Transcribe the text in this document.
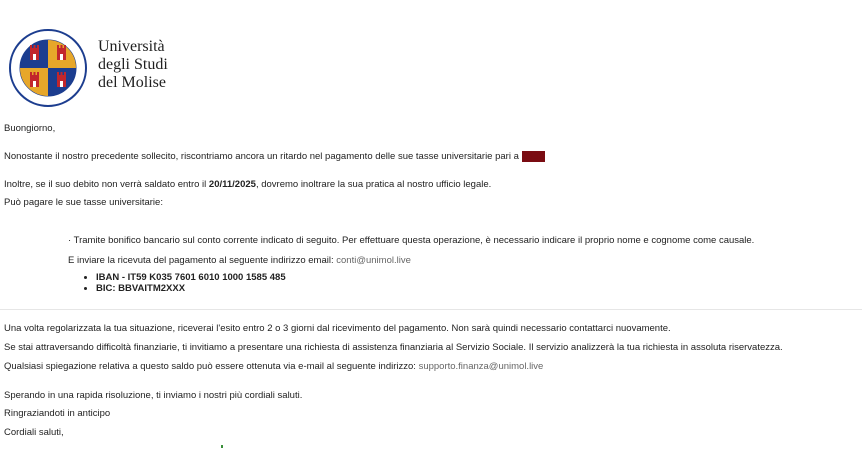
Università
degli Studi
del Molise
Buongiorno,
Nonostante il nostro precedente sollecito, riscontriamo ancora un ritardo nel pagamento delle sue tasse universitarie pari a €650
Inoltre, se il suo debito non verrà saldato entro il 20/11/2025, dovremo inoltrare la sua pratica al nostro ufficio legale.
Può pagare le sue tasse universitarie:
· Tramite bonifico bancario sul conto corrente indicato di seguito. Per effettuare questa operazione, è necessario indicare il proprio nome e cognome come causale.
E inviare la ricevuta del pagamento al seguente indirizzo email: conti@unimol.live
• IBAN - IT59 K035 7601 6010 1000 1585 485
• BIC: BBVAITM2XXX
Una volta regolarizzata la tua situazione, riceverai l'esito entro 2 o 3 giorni dal ricevimento del pagamento. Non sarà quindi necessario contattarci nuovamente.
Se stai attraversando difficoltà finanziarie, ti invitiamo a presentare una richiesta di assistenza finanziaria al Servizio Sociale. Il servizio analizzerà la tua richiesta in assoluta riservatezza.
Qualsiasi spiegazione relativa a questo saldo può essere ottenuta via e-mail al seguente indirizzo: supporto.finanza@unimol.live
Sperando in una rapida risoluzione, ti inviamo i nostri più cordiali saluti.
Ringraziandoti in anticipo
Cordiali saluti,
